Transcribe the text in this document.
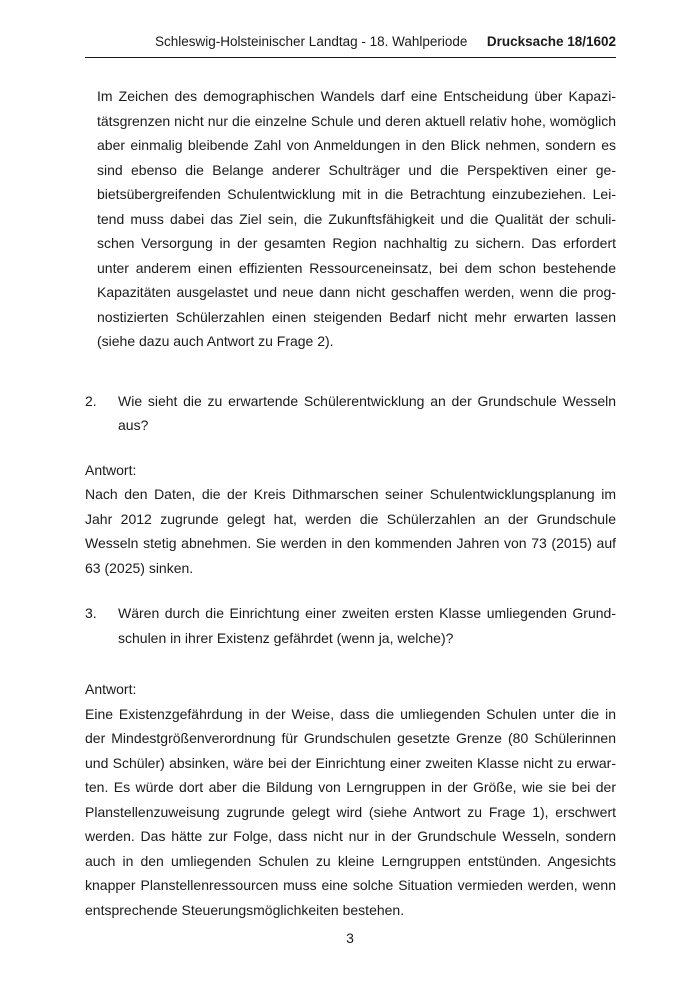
Schleswig-Holsteinischer Landtag - 18. Wahlperiode Drucksache 18/1602

Im Zeichen des demographischen Wandels darf eine Entscheidung über Kapazitätsgrenzen nicht nur die einzelne Schule und deren aktuell relativ hohe, womöglich aber einmalig bleibende Zahl von Anmeldungen in den Blick nehmen, sondern es sind ebenso die Belange anderer Schulträger und die Perspektiven einer gebietsübergreifenden Schulentwicklung mit in die Betrachtung einzubeziehen. Leitend muss dabei das Ziel sein, die Zukunftsfähigkeit und die Qualität der schulischen Versorgung in der gesamten Region nachhaltig zu sichern. Das erfordert unter anderem einen effizienten Ressourceneinsatz, bei dem schon bestehende Kapazitäten ausgelastet und neue dann nicht geschaffen werden, wenn die prognostizierten Schülerzahlen einen steigenden Bedarf nicht mehr erwarten lassen (siehe dazu auch Antwort zu Frage 2).

2.	Wie sieht die zu erwartende Schülerentwicklung an der Grundschule Wesseln aus?
Antwort:

Nach den Daten, die der Kreis Dithmarschen seiner Schulentwicklungsplanung im Jahr 2012 zugrunde gelegt hat, werden die Schülerzahlen an der Grundschule Wesseln stetig abnehmen. Sie werden in den kommenden Jahren von 73 (2015) auf 63 (2025) sinken.

3.	Wären durch die Einrichtung einer zweiten ersten Klasse umliegenden Grundschulen in ihrer Existenz gefährdet (wenn ja, welche)?
Antwort:

Eine Existenzgefährdung in der Weise, dass die umliegenden Schulen unter die in der Mindestgrößenverordnung für Grundschulen gesetzte Grenze (80 Schülerinnen und Schüler) absinken, wäre bei der Einrichtung einer zweiten Klasse nicht zu erwarten. Es würde dort aber die Bildung von Lerngruppen in der Größe, wie sie bei der Planstellenzuweisung zugrunde gelegt wird (siehe Antwort zu Frage 1), erschwert werden. Das hätte zur Folge, dass nicht nur in der Grundschule Wesseln, sondern auch in den umliegenden Schulen zu kleine Lerngruppen entstünden. Angesichts knapper Planstellenressourcen muss eine solche Situation vermieden werden, wenn entsprechende Steuerungsmöglichkeiten bestehen.

3
